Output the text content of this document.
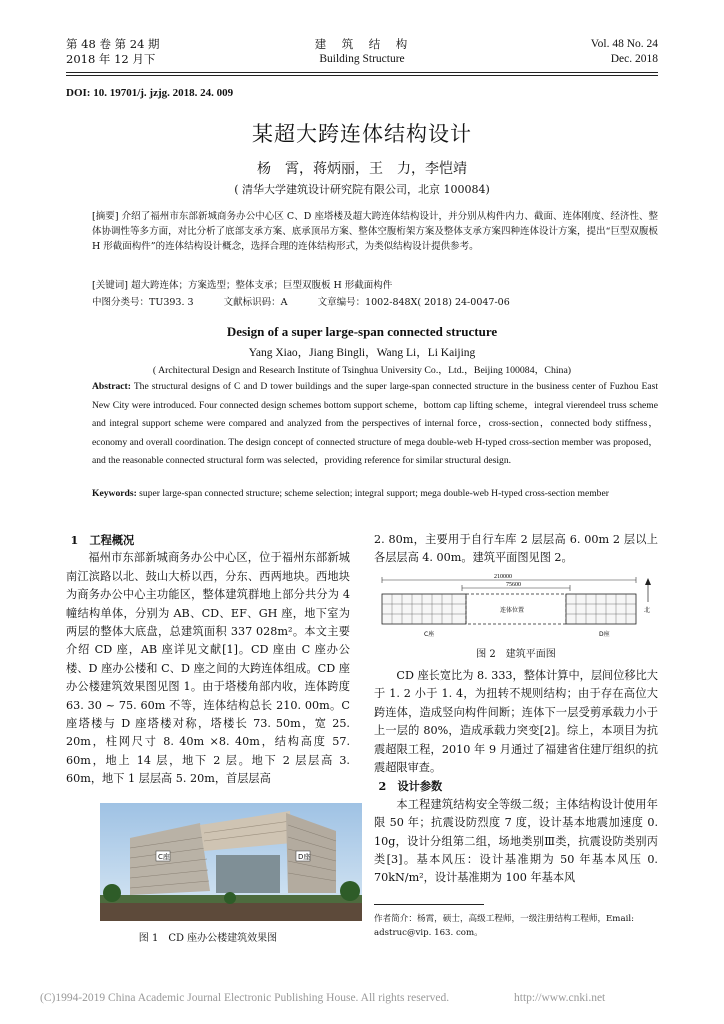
第 48 卷 第 24 期
2018 年 12 月下
建　筑　结　构
Building Structure
Vol. 48 No. 24
Dec. 2018
DOI: 10. 19701/j. jzjg. 2018. 24. 009
某超大跨连体结构设计
杨　霄，蒋炳丽，王　力，李恺靖
( 清华大学建筑设计研究院有限公司，北京 100084)
[摘要] 介绍了福州市东部新城商务办公中心区 C、D 座塔楼及超大跨连体结构设计，并分别从构件内力、截面、连体刚度、经济性、整体协调性等多方面，对比分析了底部支承方案、底承顶吊方案、整体空腹桁架方案及整体支承方案四种连体设计方案，提出“巨型双腹板 H 形截面构件”的连体结构设计概念，选择合理的连体结构形式，为类似结构设计提供参考。
[关键词] 超大跨连体；方案选型；整体支承；巨型双腹板 H 形截面构件
中图分类号：TU393. 3	文献标识码：A	文章编号：1002-848X( 2018) 24-0047-06
Design of a super large-span connected structure
Yang Xiao，Jiang Bingli，Wang Li，Li Kaijing
( Architectural Design and Research Institute of Tsinghua University Co.，Ltd.，Beijing 100084，China)
Abstract: The structural designs of C and D tower buildings and the super large-span connected structure in the business center of Fuzhou East New City were introduced. Four connected design schemes bottom support scheme，bottom cap lifting scheme，integral vierendeel truss scheme and integral support scheme were compared and analyzed from the perspectives of internal force，cross-section，connected body stiffness，economy and overall coordination. The design concept of connected structure of mega double-web H-typed cross-section member was proposed，and the reasonable connected structural form was selected，providing reference for similar structural design.
Keywords: super large-span connected structure; scheme selection; integral support; mega double-web H-typed cross-section member
1　工程概况
福州市东部新城商务办公中心区，位于福州东部新城南江滨路以北、鼓山大桥以西，分东、西两地块。西地块为商务办公中心主功能区，整体建筑群地上部分共分为 4 幢结构单体，分别为 AB、CD、EF、GH 座，地下室为两层的整体大底盘，总建筑面积 337 028m²。本文主要介绍 CD 座，AB 座详见文献[1]。CD 座由 C 座办公楼、D 座办公楼和 C、D 座之间的大跨连体组成。CD 座办公楼建筑效果图见图 1。由于塔楼角部内收，连体跨度 63. 30 ~ 75. 60m 不等，连体结构总长 210. 00m。C 座塔楼与 D 座塔楼对称，塔楼长 73. 50m，宽 25. 20m，柱网尺寸 8. 40m ×8. 40m，结构高度 57. 60m，地上 14 层，地下 2 层。地下 2 层层高 3. 60m，地下 1 层层高 5. 20m，首层层高
C座	D座
图 1　CD 座办公楼建筑效果图
2. 80m，主要用于自行车库 2 层层高 6. 00m 2 层以上各层层高 4. 00m。建筑平面图见图 2。
210000
75600
连体位置
C座	D座
北
图 2　建筑平面图
CD 座长宽比为 8. 333，整体计算中，层间位移比大于 1. 2 小于 1. 4，为扭转不规则结构；由于存在高位大跨连体，造成竖向构件间断；连体下一层受剪承载力小于上一层的 80%，造成承载力突变[2]。综上，本项目为抗震超限工程，2010 年 9 月通过了福建省住建厅组织的抗震超限审查。
2　设计参数
本工程建筑结构安全等级二级；主体结构设计使用年限 50 年；抗震设防烈度 7 度，设计基本地震加速度 0. 10g，设计分组第二组，场地类别Ⅲ类，抗震设防类别丙类[3]。基本风压：设计基准期为 50 年基本风压 0. 70kN/m²，设计基准期为 100 年基本风
作者简介：杨霄，硕士，高级工程师，一级注册结构工程师，Email: adstruc@vip. 163. com。
(C)1994-2019 China Academic Journal Electronic Publishing House. All rights reserved.	http://www.cnki.net
